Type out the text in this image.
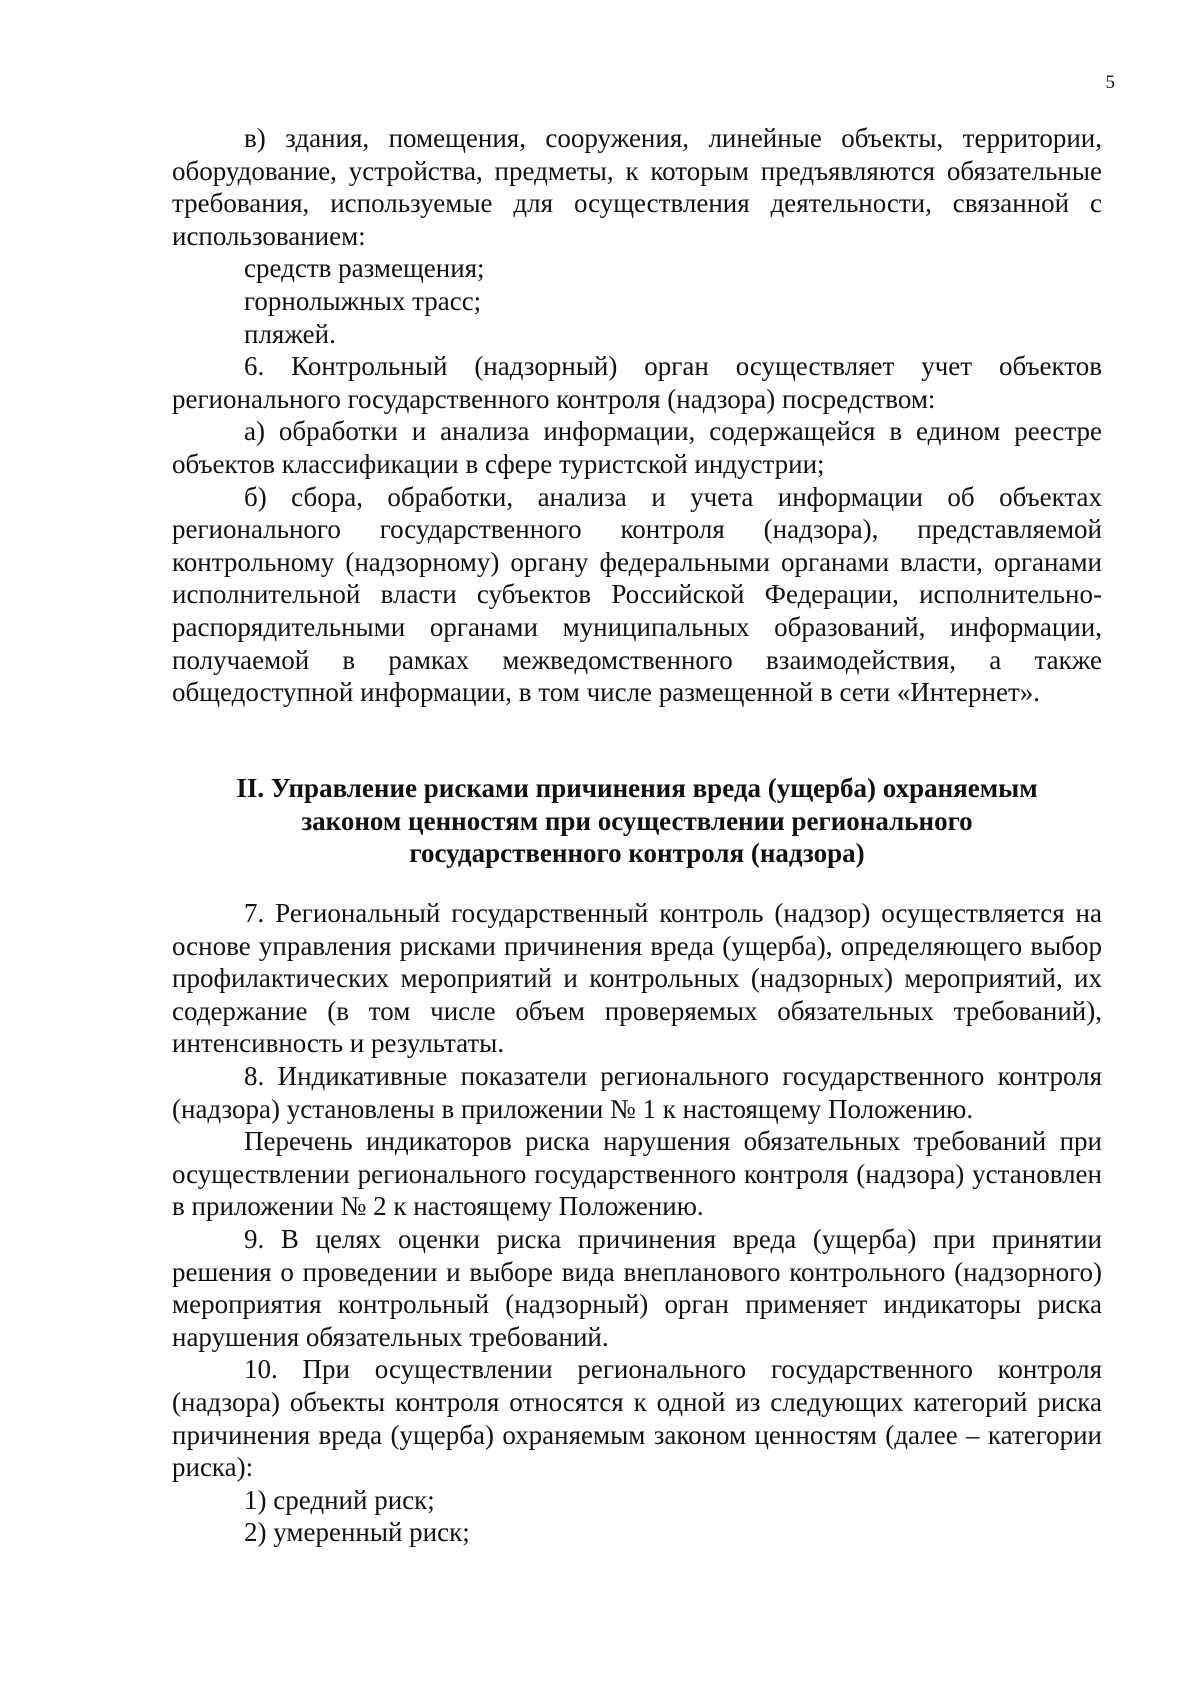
5

в) здания, помещения, сооружения, линейные объекты, территории, оборудование, устройства, предметы, к которым предъявляются обязательные требования, используемые для осуществления деятельности, связанной с использованием:

средств размещения;

горнолыжных трасс;

пляжей.

6. Контрольный (надзорный) орган осуществляет учет объектов регионального государственного контроля (надзора) посредством:

а) обработки и анализа информации, содержащейся в едином реестре объектов классификации в сфере туристской индустрии;

б) сбора, обработки, анализа и учета информации об объектах регионального государственного контроля (надзора), представляемой контрольному (надзорному) органу федеральными органами власти, органами исполнительной власти субъектов Российской Федерации, исполнительно-распорядительными органами муниципальных образований, информации, получаемой в рамках межведомственного взаимодействия, а также общедоступной информации, в том числе размещенной в сети «Интернет».

II. Управление рисками причинения вреда (ущерба) охраняемым
законом ценностям при осуществлении регионального
государственного контроля (надзора)

7. Региональный государственный контроль (надзор) осуществляется на основе управления рисками причинения вреда (ущерба), определяющего выбор профилактических мероприятий и контрольных (надзорных) мероприятий, их содержание (в том числе объем проверяемых обязательных требований), интенсивность и результаты.

8. Индикативные показатели регионального государственного контроля (надзора) установлены в приложении № 1 к настоящему Положению.

Перечень индикаторов риска нарушения обязательных требований при осуществлении регионального государственного контроля (надзора) установлен в приложении № 2 к настоящему Положению.

9. В целях оценки риска причинения вреда (ущерба) при принятии решения о проведении и выборе вида внепланового контрольного (надзорного) мероприятия контрольный (надзорный) орган применяет индикаторы риска нарушения обязательных требований.

10. При осуществлении регионального государственного контроля (надзора) объекты контроля относятся к одной из следующих категорий риска причинения вреда (ущерба) охраняемым законом ценностям (далее – категории риска):

1) средний риск;

2) умеренный риск;
